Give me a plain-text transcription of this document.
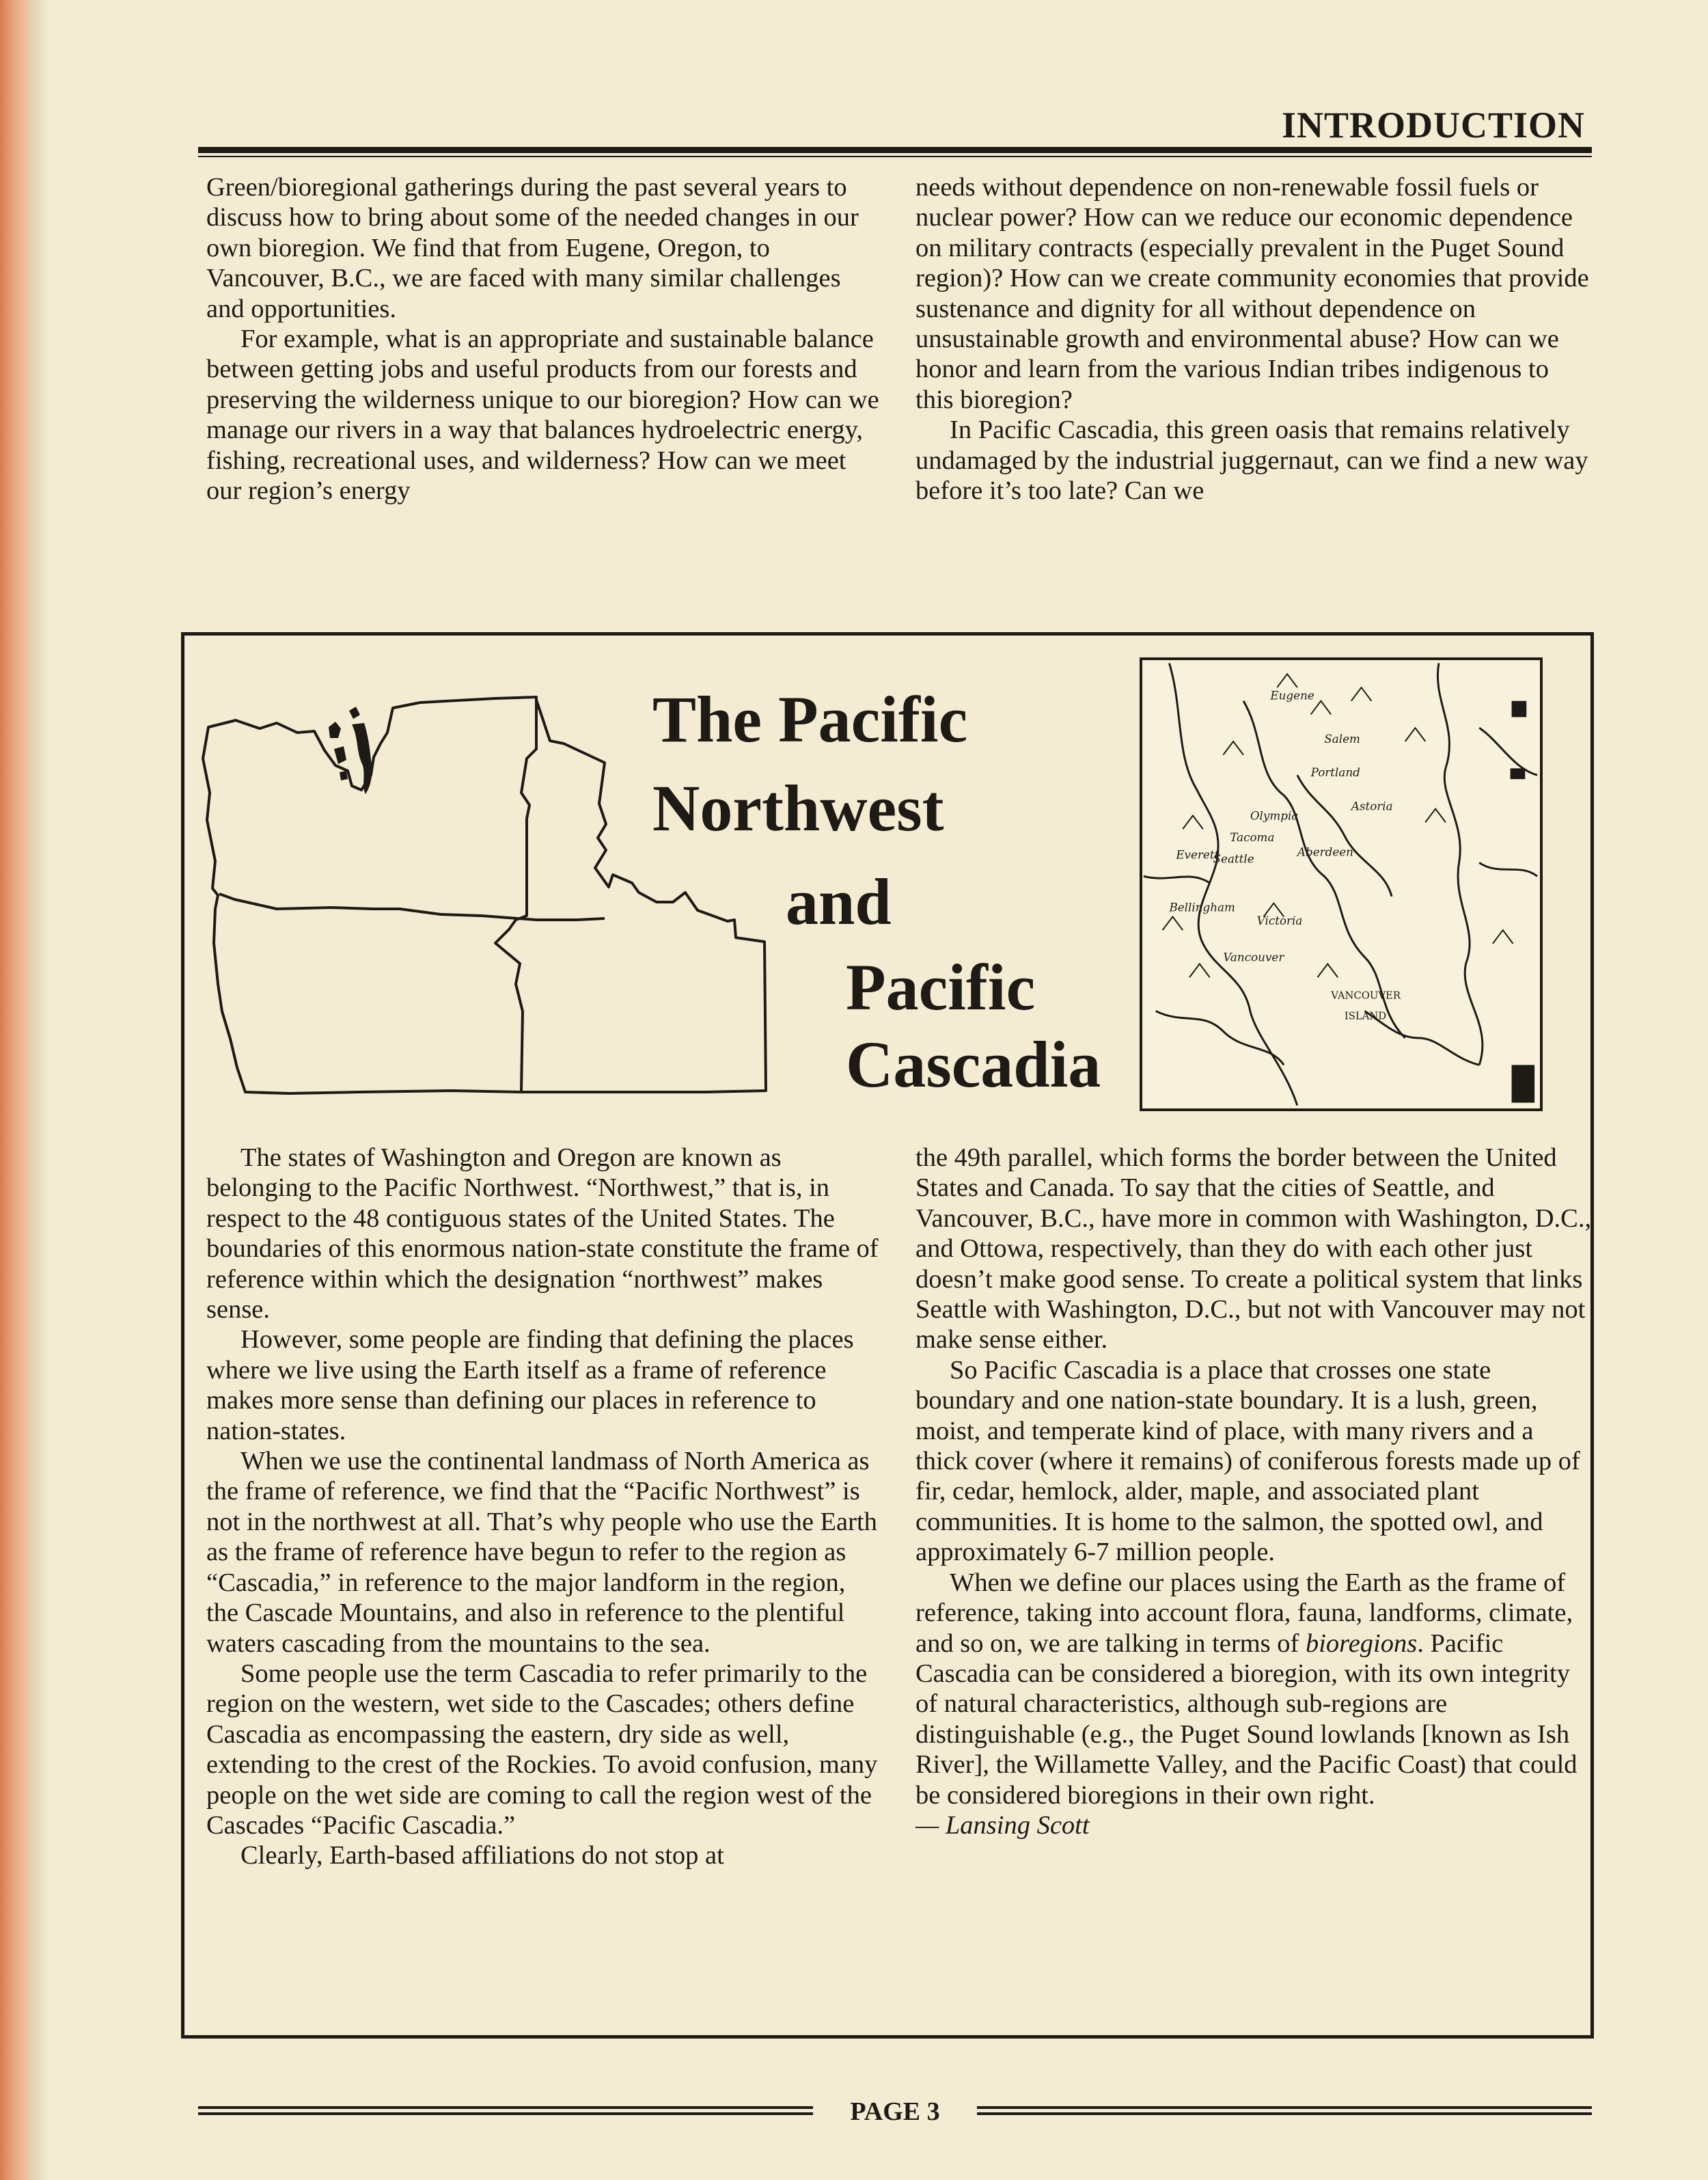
INTRODUCTION

Green/bioregional gatherings during the past several years to discuss how to bring about some of the needed changes in our own bioregion. We find that from Eugene, Oregon, to Vancouver, B.C., we are faced with many similar challenges and opportunities.

For example, what is an appropriate and sustainable balance between getting jobs and useful products from our forests and preserving the wilderness unique to our bioregion? How can we manage our rivers in a way that balances hydroelectric energy, fishing, recreational uses, and wilderness? How can we meet our region’s energy

needs without dependence on non-renewable fossil fuels or nuclear power? How can we reduce our economic dependence on military contracts (especially prevalent in the Puget Sound region)? How can we create community economies that provide sustenance and dignity for all without dependence on unsustainable growth and environmental abuse? How can we honor and learn from the various Indian tribes indigenous to this bioregion?

In Pacific Cascadia, this green oasis that remains relatively undamaged by the industrial juggernaut, can we find a new way before it’s too late? Can we

The Pacific
Northwest
and
Pacific
Cascadia
Eugene
Salem
Portland
Astoria
Olympia
Tacoma
Seattle
Everett	Aberdeen
Bellingham
Victoria
Vancouver
VANCOUVER
ISLAND

The states of Washington and Oregon are known as belonging to the Pacific Northwest. “Northwest,” that is, in respect to the 48 contiguous states of the United States. The boundaries of this enormous nation-state constitute the frame of reference within which the designation “northwest” makes sense.

However, some people are finding that defining the places where we live using the Earth itself as a frame of reference makes more sense than defining our places in reference to nation-states.

When we use the continental landmass of North America as the frame of reference, we find that the “Pacific Northwest” is not in the northwest at all. That’s why people who use the Earth as the frame of reference have begun to refer to the region as “Cascadia,” in reference to the major landform in the region, the Cascade Mountains, and also in reference to the plentiful waters cascading from the mountains to the sea.

Some people use the term Cascadia to refer primarily to the region on the western, wet side to the Cascades; others define Cascadia as encompassing the eastern, dry side as well, extending to the crest of the Rockies. To avoid confusion, many people on the wet side are coming to call the region west of the Cascades “Pacific Cascadia.”

Clearly, Earth-based affiliations do not stop at

the 49th parallel, which forms the border between the United States and Canada. To say that the cities of Seattle, and Vancouver, B.C., have more in common with Washington, D.C., and Ottowa, respectively, than they do with each other just doesn’t make good sense. To create a political system that links Seattle with Washington, D.C., but not with Vancouver may not make sense either.

So Pacific Cascadia is a place that crosses one state boundary and one nation-state boundary. It is a lush, green, moist, and temperate kind of place, with many rivers and a thick cover (where it remains) of coniferous forests made up of fir, cedar, hemlock, alder, maple, and associated plant communities. It is home to the salmon, the spotted owl, and approximately 6-7 million people.

When we define our places using the Earth as the frame of reference, taking into account flora, fauna, landforms, climate, and so on, we are talking in terms of bioregions. Pacific Cascadia can be considered a bioregion, with its own integrity of natural characteristics, although sub-regions are distinguishable (e.g., the Puget Sound lowlands [known as Ish River], the Willamette Valley, and the Pacific Coast) that could be considered bioregions in their own right.

— Lansing Scott

PAGE 3
